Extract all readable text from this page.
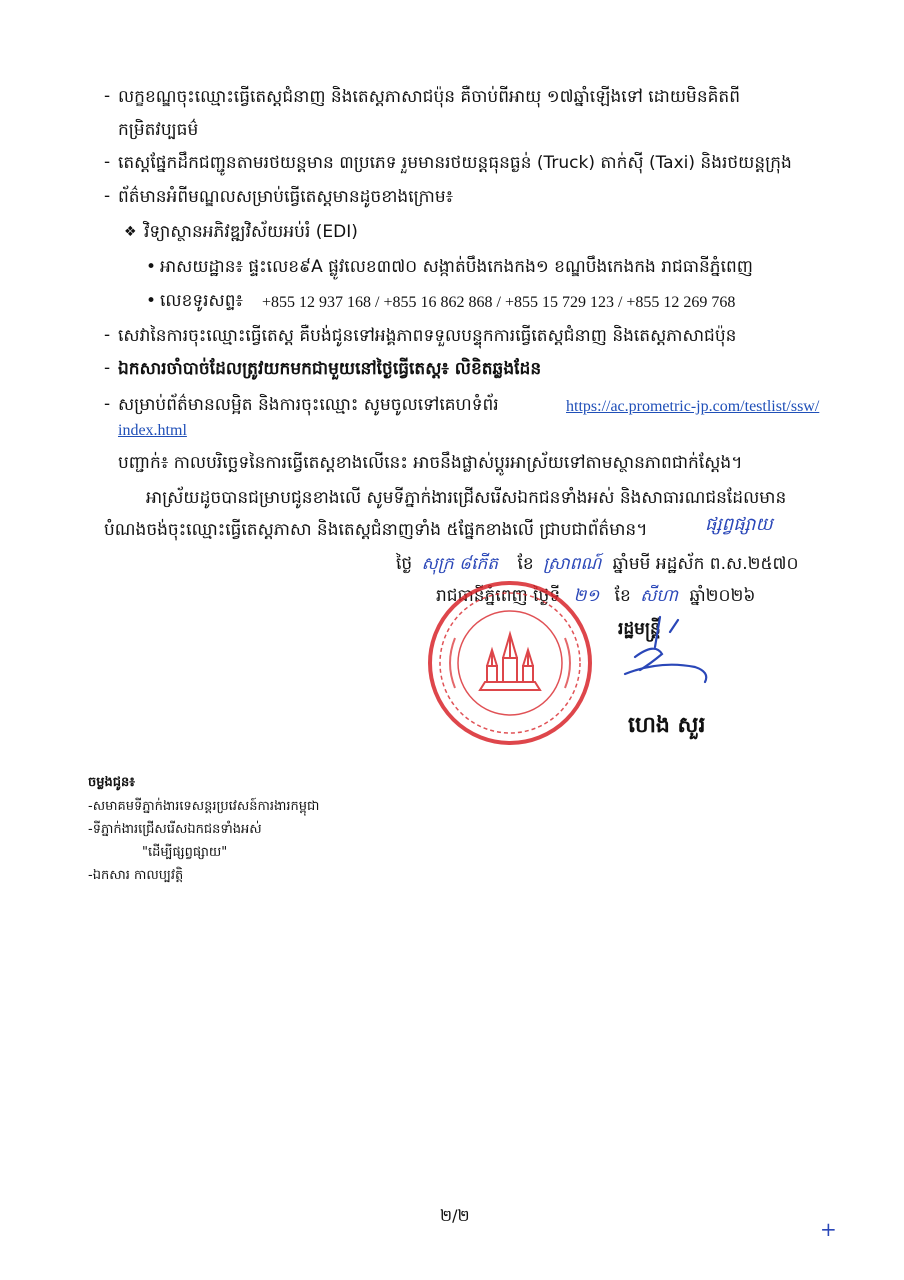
- លក្ខខណ្ឌចុះឈ្មោះធ្វើតេស្តជំនាញ និងតេស្តភាសាជប៉ុន គឺចាប់ពីអាយុ ១៧ឆ្នាំឡើងទៅ ដោយមិនគិតពី
កម្រិតវប្បធម៌
- តេស្តផ្នែកដឹកជញ្ជូនតាមរថយន្តមាន ៣ប្រភេទ រួមមានរថយន្តធុនធ្ងន់ (Truck) តាក់ស៊ី (Taxi) និងរថយន្តក្រុង
- ព័ត៌មានអំពីមណ្ឌលសម្រាប់ធ្វើតេស្តមានដូចខាងក្រោម៖
❖ វិទ្យាស្ថានអភិវឌ្ឍវិស័យអប់រំ (EDI)
• អាសយដ្ឋាន៖ ផ្ទះលេខ៩A ផ្លូវលេខ៣៧០ សង្កាត់បឹងកេងកង១ ខណ្ឌបឹងកេងកង រាជធានីភ្នំពេញ
• លេខទូរសព្ទ៖ +855 12 937 168 / +855 16 862 868 / +855 15 729 123 / +855 12 269 768
- សេវានៃការចុះឈ្មោះធ្វើតេស្ត គឺបង់ជូនទៅអង្គភាពទទួលបន្ទុកការធ្វើតេស្តជំនាញ និងតេស្តភាសាជប៉ុន
- ឯកសារចាំបាច់ដែលត្រូវយកមកជាមួយនៅថ្ងៃធ្វើតេស្ត៖ លិខិតឆ្លងដែន
- សម្រាប់ព័ត៌មានលម្អិត និងការចុះឈ្មោះ សូមចូលទៅគេហទំព័រ	https://ac.prometric-jp.com/testlist/ssw/
index.html
បញ្ជាក់៖ កាលបរិច្ឆេទនៃការធ្វើតេស្តខាងលើនេះ អាចនឹងផ្លាស់ប្តូរអាស្រ័យទៅតាមស្ថានភាពជាក់ស្តែង។
អាស្រ័យដូចបានជម្រាបជូនខាងលើ សូមទីភ្នាក់ងារជ្រើសរើសឯកជនទាំងអស់ និងសាធារណជនដែលមាន
បំណងចង់ចុះឈ្មោះធ្វើតេស្តភាសា និងតេស្តជំនាញទាំង ៥ផ្នែកខាងលើ ជ្រាបជាព័ត៌មាន។	ផ្សព្វផ្សាយ
ថ្ងៃ សុក្រ ៨កើត ខែ ស្រាពណ៍ ឆ្នាំមមី អដ្ឋស័ក ព.ស.២៥៧០
រាជធានីភ្នំពេញ ថ្ងៃទី ២១ ខែ សីហា ឆ្នាំ២០២៦
រដ្ឋមន្ត្រី
ហេង សួរ
ចម្លងជូន៖
-សមាគមទីភ្នាក់ងារទេសន្តរប្រវេសន៍ការងារកម្ពុជា
-ទីភ្នាក់ងារជ្រើសរើសឯកជនទាំងអស់
"ដើម្បីផ្សព្វផ្សាយ"
-ឯកសារ កាលប្បវត្តិ
២/២
+
